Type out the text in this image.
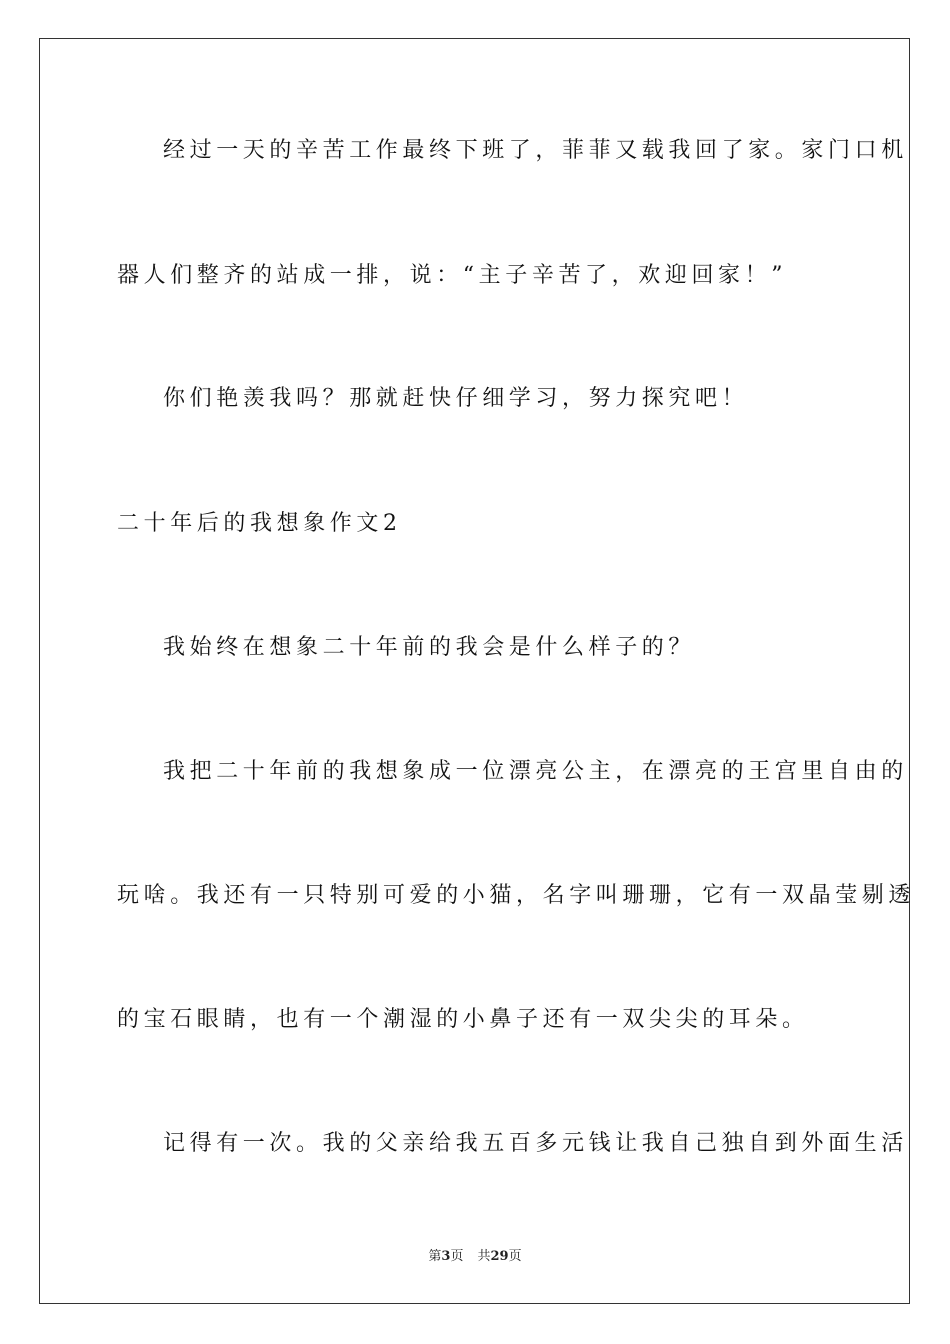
经过一天的辛苦工作最终下班了，菲菲又载我回了家。家门口机
器人们整齐的站成一排，说：“主子辛苦了，欢迎回家！”
你们艳羡我吗？那就赶快仔细学习，努力探究吧！
二十年后的我想象作文2
我始终在想象二十年前的我会是什么样子的？
我把二十年前的我想象成一位漂亮公主，在漂亮的王宫里自由的
玩啥。我还有一只特别可爱的小猫，名字叫珊珊，它有一双晶莹剔透
的宝石眼睛，也有一个潮湿的小鼻子还有一双尖尖的耳朵。
记得有一次。我的父亲给我五百多元钱让我自己独自到外面生活
第3页 共29页
